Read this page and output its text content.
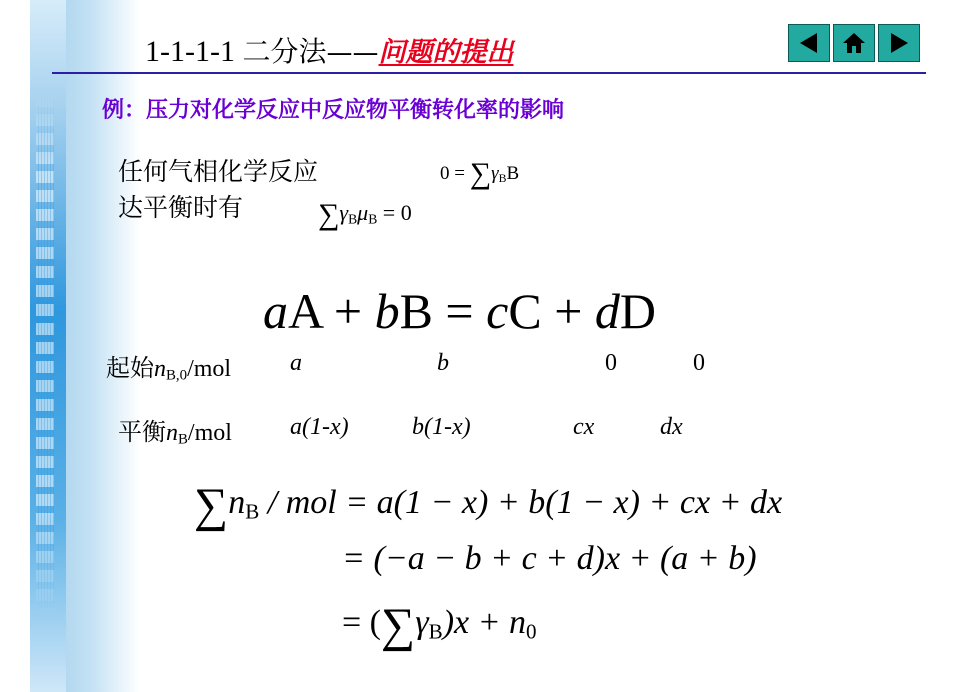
1-1-1-1 二分法——问题的提出
例：压力对化学反应中反应物平衡转化率的影响
任何气相化学反应	0 = ∑γBB
达平衡时有 ∑γBμB = 0
aA + bB = cC + dD
起始nB,0/mol a	b	0	0
平衡nB/mol a(1-x)	b(1-x)	cx	dx
∑nB / mol = a(1 − x) + b(1 − x) + cx + dx
= (−a − b + c + d)x + (a + b)
= (∑γB)x + n0
